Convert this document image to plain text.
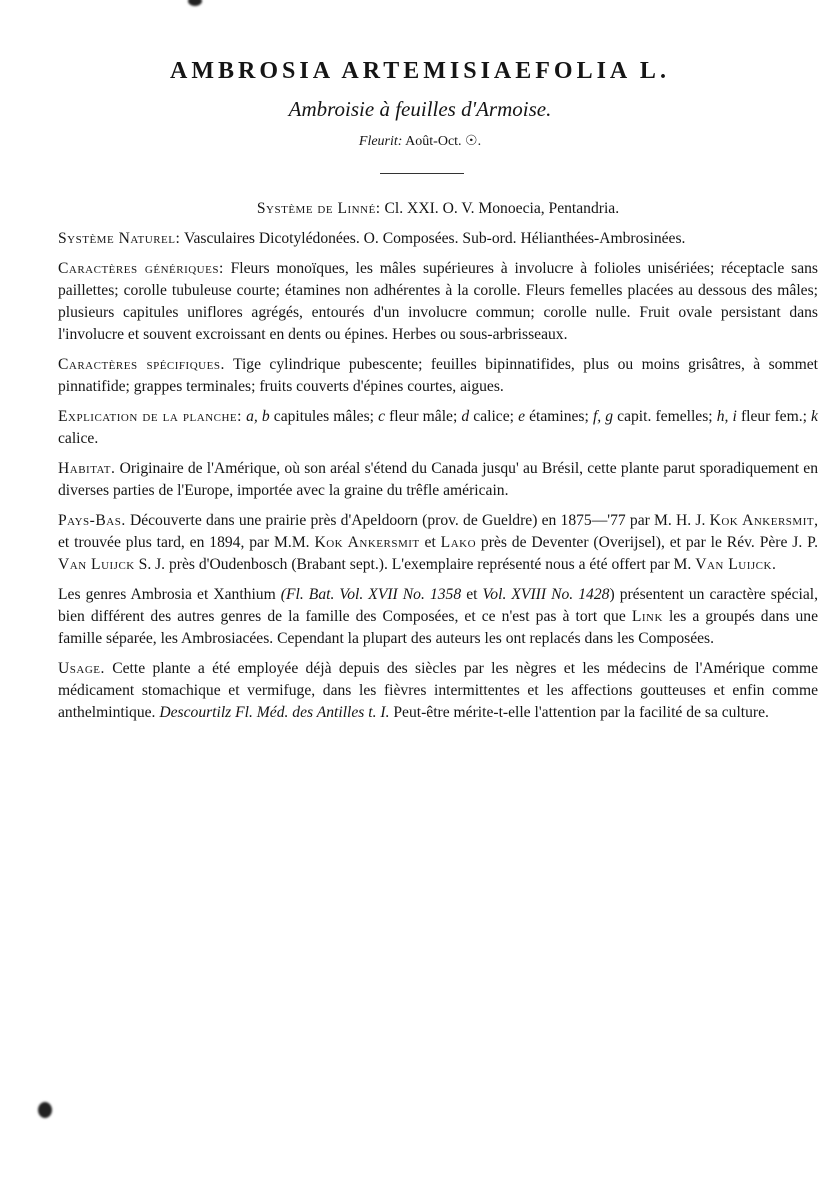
AMBROSIA ARTEMISIAEFOLIA L.
Ambroisie à feuilles d'Armoise.
Fleurit: Août-Oct. ☉.

Système de Linné: Cl. XXI. O. V. Monoecia, Pentandria.

Système Naturel: Vasculaires Dicotylédonées. O. Composées. Sub-ord. Hélianthées-Ambrosinées.

Caractères génériques: Fleurs monoïques, les mâles supérieures à involucre à folioles unisériées; réceptacle sans paillettes; corolle tubuleuse courte; étamines non adhérentes à la corolle. Fleurs femelles placées au dessous des mâles; plusieurs capitules uniflores agrégés, entourés d'un involucre commun; corolle nulle. Fruit ovale persistant dans l'involucre et souvent excroissant en dents ou épines. Herbes ou sous-arbrisseaux.

Caractères spécifiques. Tige cylindrique pubescente; feuilles bipinnatifides, plus ou moins grisâtres, à sommet pinnatifide; grappes terminales; fruits couverts d'épines courtes, aigues.

Explication de la planche: a, b capitules mâles; c fleur mâle; d calice; e étamines; f, g capit. femelles; h, i fleur fem.; k calice.

Habitat. Originaire de l'Amérique, où son aréal s'étend du Canada jusqu' au Brésil, cette plante parut sporadiquement en diverses parties de l'Europe, importée avec la graine du trêfle américain.

Pays-Bas. Découverte dans une prairie près d'Apeldoorn (prov. de Gueldre) en 1875—'77 par M. H. J. Kok Ankersmit, et trouvée plus tard, en 1894, par M.M. Kok Ankersmit et Lako près de Deventer (Overijsel), et par le Rév. Père J. P. Van Luijck S. J. près d'Oudenbosch (Brabant sept.). L'exemplaire représenté nous a été offert par M. Van Luijck.

Les genres Ambrosia et Xanthium (Fl. Bat. Vol. XVII No. 1358 et Vol. XVIII No. 1428) présentent un caractère spécial, bien différent des autres genres de la famille des Composées, et ce n'est pas à tort que Link les a groupés dans une famille séparée, les Ambrosiacées. Cependant la plupart des auteurs les ont replacés dans les Composées.

Usage. Cette plante a été employée déjà depuis des siècles par les nègres et les médecins de l'Amérique comme médicament stomachique et vermifuge, dans les fièvres intermittentes et les affections goutteuses et enfin comme anthelmintique. Descourtilz Fl. Méd. des Antilles t. I. Peut-être mérite-t-elle l'attention par la facilité de sa culture.
